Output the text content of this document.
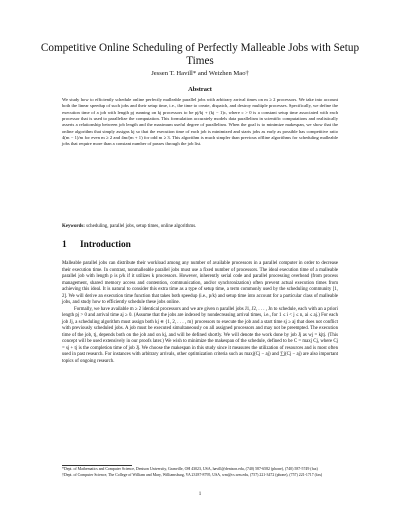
Competitive Online Scheduling of Perfectly Malleable Jobs with Setup Times
Jessen T. Havill* and Weizhen Mao†
Abstract
We study how to efficiently schedule online perfectly malleable parallel jobs with arbitrary arrival times on m ≥ 2 processors. We take into account both the linear speedup of such jobs and their setup time, i.e., the time to create, dispatch, and destroy multiple processes. Specifically, we define the execution time of a job with length pj running on kj processors to be pj/kj + (kj − 1)c, where c > 0 is a constant setup time associated with each processor that is used to parallelize the computation. This formulation accurately models data parallelism in scientific computations and realistically asserts a relationship between job length and the maximum useful degree of parallelism. When the goal is to minimize makespan, we show that the online algorithm that simply assigns kj so that the execution time of each job is minimized and starts jobs as early as possible has competitive ratio 4(m − 1)/m for even m ≥ 2 and 4m/(m + 1) for odd m ≥ 3. This algorithm is much simpler than previous offline algorithms for scheduling malleable jobs that require more than a constant number of passes through the job list.
Keywords: scheduling, parallel jobs, setup times, online algorithms.
1 Introduction

Malleable parallel jobs can distribute their workload among any number of available processors in a parallel computer in order to decrease their execution time. In contrast, nonmalleable parallel jobs must use a fixed number of processors. The ideal execution time of a malleable parallel job with length p is p/k if it utilizes k processors. However, inherently serial code and parallel processing overhead (from process management, shared memory access and contention, communication, and/or synchronization) often prevent actual execution times from achieving this ideal. It is natural to consider this extra time as a type of setup time, a term commonly used by the scheduling community [1, 2]. We will derive an execution time function that takes both speedup (i.e., p/k) and setup time into account for a particular class of malleable jobs, and study how to efficiently schedule these jobs online.

Formally, we have available m ≥ 2 identical processors and we are given n parallel jobs J1, J2, . . . , Jn to schedule, each with an a priori length pj > 0 and arrival time aj ≥ 0. (Assume that the jobs are indexed by nondecreasing arrival times, i.e., for 1 ≤ i < j ≤ n, ai ≤ aj.) For each job Jj, a scheduling algorithm must assign both kj ∈ {1, 2, . . . , m} processors to execute the job and a start time sj ≥ aj that does not conflict with previously scheduled jobs. A job must be executed simultaneously on all assigned processors and may not be preempted. The execution time of the job, tj, depends both on the job and on kj, and will be defined shortly. We will denote the work done by job Jj as wj = kjtj. (This concept will be used extensively in our proofs later.) We wish to minimize the makespan of the schedule, defined to be C = maxj Cj, where Cj = sj + tj is the completion time of job Jj. We choose the makespan in this study since it measures the utilization of resources and is most often used in past research. For instances with arbitrary arrivals, other optimization criteria such as maxj(Cj − aj) and ∑j(Cj − aj) are also important topics of ongoing research.

*Dept. of Mathematics and Computer Science, Denison University, Granville, OH 43023, USA, havill@denison.edu, (740) 587-6582 (phone), (740) 587-5749 (fax)

†Dept. of Computer Science, The College of William and Mary, Williamsburg, VA 23187-8795, USA, wm@cs.wm.edu, (757) 221-3472 (phone), (757) 221-1717 (fax)

1
